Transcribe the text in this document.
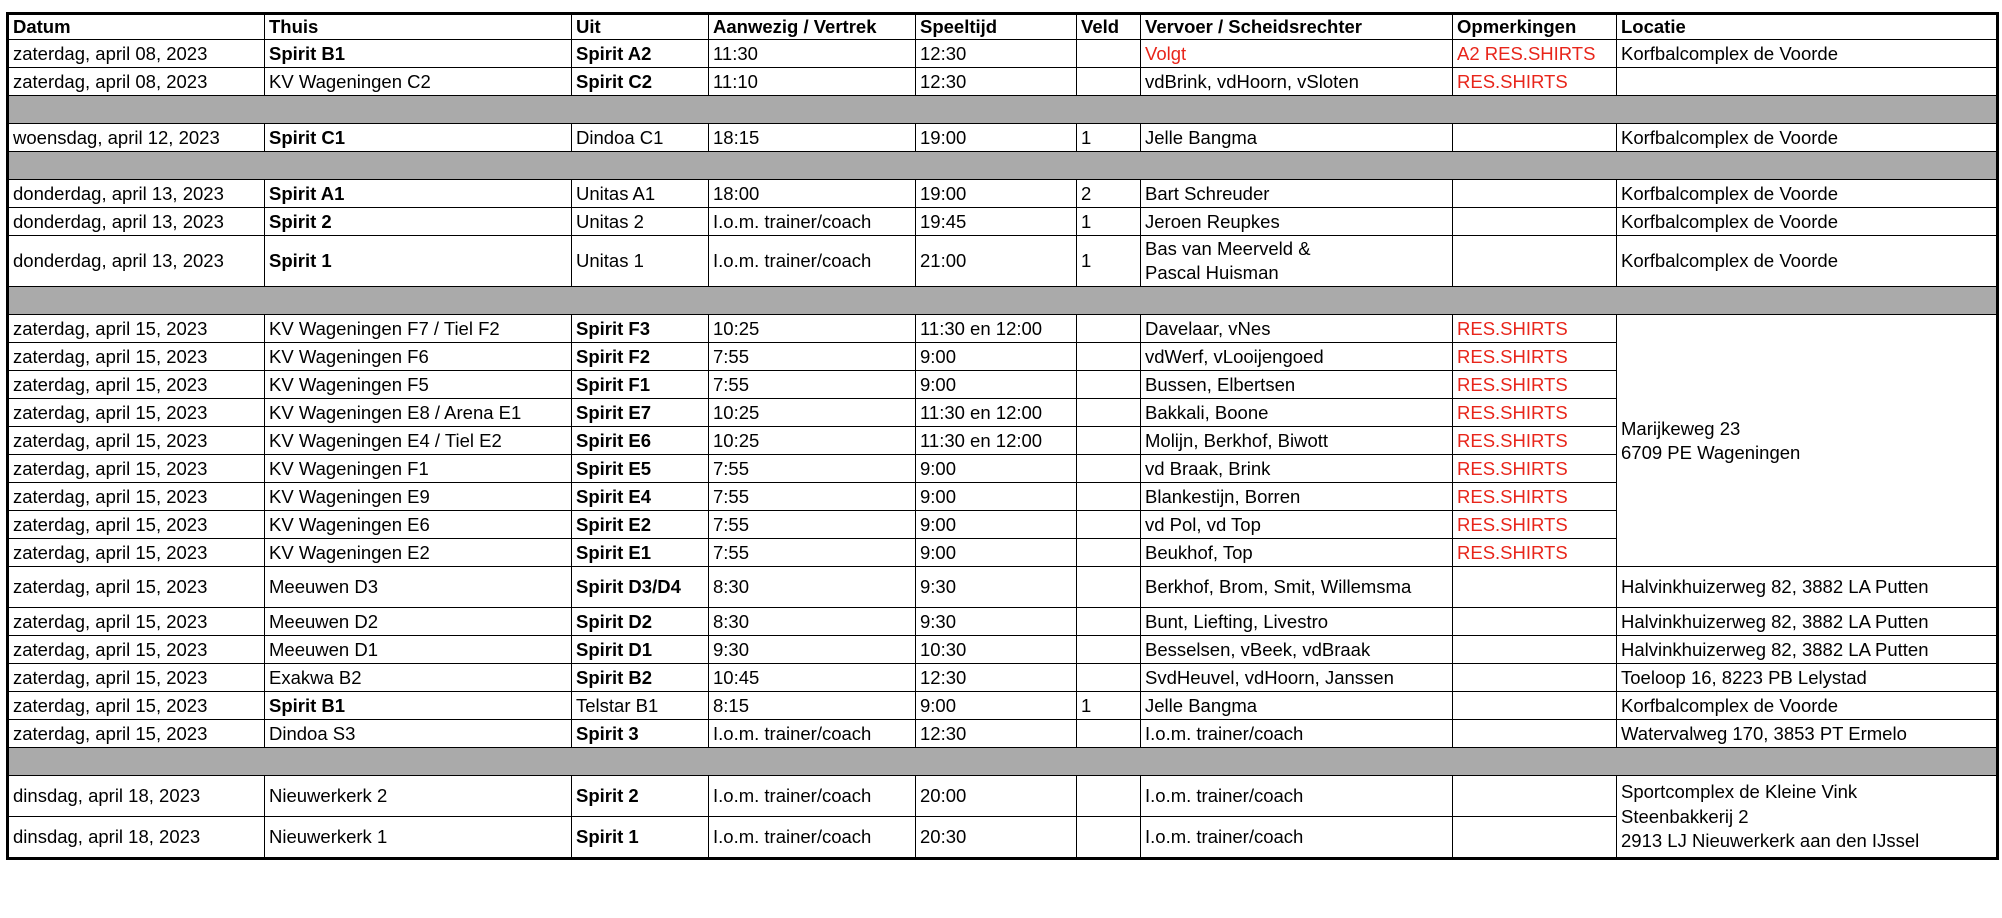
Datum	Thuis	Uit	Aanwezig / Vertrek	Speeltijd	Veld	Vervoer / Scheidsrechter	Opmerkingen	Locatie
zaterdag, april 08, 2023	Spirit B1	Spirit A2	11:30	12:30		Volgt	A2 RES.SHIRTS	Korfbalcomplex de Voorde
zaterdag, april 08, 2023	KV Wageningen C2	Spirit C2	11:10	12:30		vdBrink, vdHoorn, vSloten	RES.SHIRTS	

woensdag, april 12, 2023	Spirit C1	Dindoa C1	18:15	19:00	1	Jelle Bangma		Korfbalcomplex de Voorde

donderdag, april 13, 2023	Spirit A1	Unitas A1	18:00	19:00	2	Bart Schreuder		Korfbalcomplex de Voorde
donderdag, april 13, 2023	Spirit 2	Unitas 2	I.o.m. trainer/coach	19:45	1	Jeroen Reupkes		Korfbalcomplex de Voorde
donderdag, april 13, 2023	Spirit 1	Unitas 1	I.o.m. trainer/coach	21:00	1	Bas van Meerveld &
Pascal Huisman		Korfbalcomplex de Voorde

zaterdag, april 15, 2023	KV Wageningen F7 / Tiel F2	Spirit F3	10:25	11:30 en 12:00		Davelaar, vNes	RES.SHIRTS	Marijkeweg 23
6709 PE Wageningen

zaterdag, april 15, 2023	KV Wageningen F6	Spirit F2	7:55	9:00		vdWerf, vLooijengoed	RES.SHIRTS	
zaterdag, april 15, 2023	KV Wageningen F5	Spirit F1	7:55	9:00		Bussen, Elbertsen	RES.SHIRTS	
zaterdag, april 15, 2023	KV Wageningen E8 / Arena E1	Spirit E7	10:25	11:30 en 12:00		Bakkali, Boone	RES.SHIRTS	
zaterdag, april 15, 2023	KV Wageningen E4 / Tiel E2	Spirit E6	10:25	11:30 en 12:00		Molijn, Berkhof, Biwott	RES.SHIRTS	
zaterdag, april 15, 2023	KV Wageningen F1	Spirit E5	7:55	9:00		vd Braak, Brink	RES.SHIRTS	
zaterdag, april 15, 2023	KV Wageningen E9	Spirit E4	7:55	9:00		Blankestijn, Borren	RES.SHIRTS	
zaterdag, april 15, 2023	KV Wageningen E6	Spirit E2	7:55	9:00		vd Pol, vd Top	RES.SHIRTS	
zaterdag, april 15, 2023	KV Wageningen E2	Spirit E1	7:55	9:00		Beukhof, Top	RES.SHIRTS	
zaterdag, april 15, 2023	Meeuwen D3	Spirit D3/D4	8:30	9:30		Berkhof, Brom, Smit, Willemsma		Halvinkhuizerweg 82, 3882 LA Putten
zaterdag, april 15, 2023	Meeuwen D2	Spirit D2	8:30	9:30		Bunt, Liefting, Livestro		Halvinkhuizerweg 82, 3882 LA Putten
zaterdag, april 15, 2023	Meeuwen D1	Spirit D1	9:30	10:30		Besselsen, vBeek, vdBraak		Halvinkhuizerweg 82, 3882 LA Putten
zaterdag, april 15, 2023	Exakwa B2	Spirit B2	10:45	12:30		SvdHeuvel, vdHoorn, Janssen		Toeloop 16, 8223 PB Lelystad
zaterdag, april 15, 2023	Spirit B1	Telstar B1	8:15	9:00	1	Jelle Bangma		Korfbalcomplex de Voorde
zaterdag, april 15, 2023	Dindoa S3	Spirit 3	I.o.m. trainer/coach	12:30		I.o.m. trainer/coach		Watervalweg 170, 3853 PT Ermelo

dinsdag, april 18, 2023	Nieuwerkerk 2	Spirit 2	I.o.m. trainer/coach	20:00		I.o.m. trainer/coach		Sportcomplex de Kleine Vink
Steenbakkerij 2
2913 LJ Nieuwerkerk aan den IJssel

dinsdag, april 18, 2023	Nieuwerkerk 1	Spirit 1	I.o.m. trainer/coach	20:30		I.o.m. trainer/coach		
